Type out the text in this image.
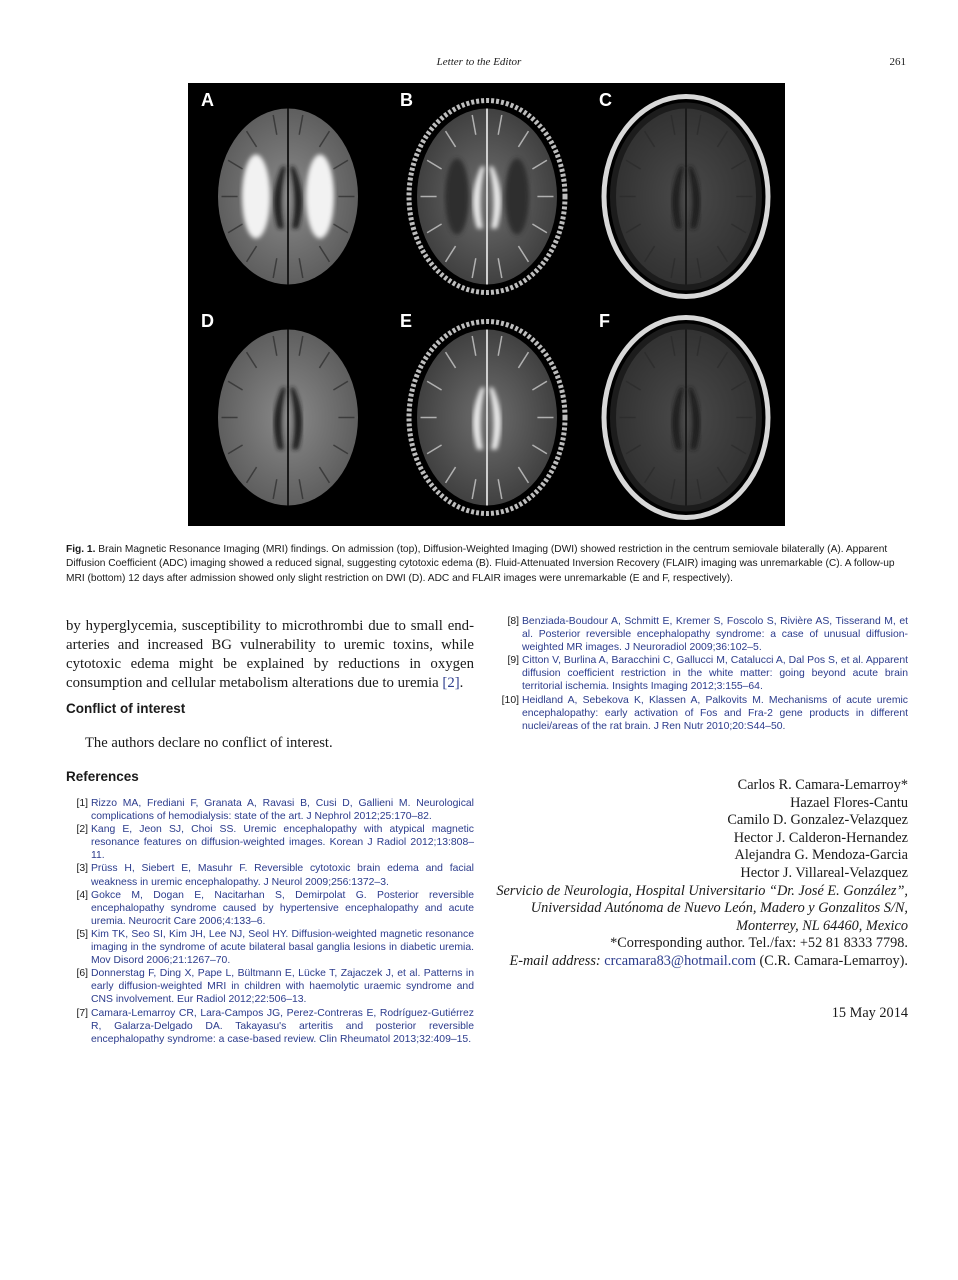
Letter to the Editor	261
A	B	C
D	E	F
Fig. 1. Brain Magnetic Resonance Imaging (MRI) findings. On admission (top), Diffusion-Weighted Imaging (DWI) showed restriction in the centrum semiovale bilaterally (A). Apparent Diffusion Coefficient (ADC) imaging showed a reduced signal, suggesting cytotoxic edema (B). Fluid-Attenuated Inversion Recovery (FLAIR) imaging was unremarkable (C). A follow-up MRI (bottom) 12 days after admission showed only slight restriction on DWI (D). ADC and FLAIR images were unremarkable (E and F, respectively).
by hyperglycemia, susceptibility to microthrombi due to small end-arteries and increased BG vulnerability to uremic toxins, while cytotoxic edema might be explained by reductions in oxygen consumption and cellular metabolism alterations due to uremia [2].
Conflict of interest
The authors declare no conflict of interest.
References
[1] Rizzo MA, Frediani F, Granata A, Ravasi B, Cusi D, Gallieni M. Neurological complications of hemodialysis: state of the art. J Nephrol 2012;25:170–82.
[2] Kang E, Jeon SJ, Choi SS. Uremic encephalopathy with atypical magnetic resonance features on diffusion-weighted images. Korean J Radiol 2012;13:808–11.
[3] Prüss H, Siebert E, Masuhr F. Reversible cytotoxic brain edema and facial weakness in uremic encephalopathy. J Neurol 2009;256:1372–3.
[4] Gokce M, Dogan E, Nacitarhan S, Demirpolat G. Posterior reversible encephalopathy syndrome caused by hypertensive encephalopathy and acute uremia. Neurocrit Care 2006;4:133–6.
[5] Kim TK, Seo SI, Kim JH, Lee NJ, Seol HY. Diffusion-weighted magnetic resonance imaging in the syndrome of acute bilateral basal ganglia lesions in diabetic uremia. Mov Disord 2006;21:1267–70.
[6] Donnerstag F, Ding X, Pape L, Bültmann E, Lücke T, Zajaczek J, et al. Patterns in early diffusion-weighted MRI in children with haemolytic uraemic syndrome and CNS involvement. Eur Radiol 2012;22:506–13.
[7] Camara-Lemarroy CR, Lara-Campos JG, Perez-Contreras E, Rodríguez-Gutiérrez R, Galarza-Delgado DA. Takayasu's arteritis and posterior reversible encephalopathy syndrome: a case-based review. Clin Rheumatol 2013;32:409–15.
[8] Benziada-Boudour A, Schmitt E, Kremer S, Foscolo S, Rivière AS, Tisserand M, et al. Posterior reversible encephalopathy syndrome: a case of unusual diffusion-weighted MR images. J Neuroradiol 2009;36:102–5.
[9] Citton V, Burlina A, Baracchini C, Gallucci M, Catalucci A, Dal Pos S, et al. Apparent diffusion coefficient restriction in the white matter: going beyond acute brain territorial ischemia. Insights Imaging 2012;3:155–64.
[10] Heidland A, Sebekova K, Klassen A, Palkovits M. Mechanisms of acute uremic encephalopathy: early activation of Fos and Fra-2 gene products in different nuclei/areas of the rat brain. J Ren Nutr 2010;20:S44–50.
Carlos R. Camara-Lemarroy*
Hazael Flores-Cantu
Camilo D. Gonzalez-Velazquez
Hector J. Calderon-Hernandez
Alejandra G. Mendoza-Garcia
Hector J. Villareal-Velazquez
Servicio de Neurologia, Hospital Universitario “Dr. José E. González”,
Universidad Autónoma de Nuevo León, Madero y Gonzalitos S/N,
Monterrey, NL 64460, Mexico
*Corresponding author. Tel./fax: +52 81 8333 7798.
E-mail address: crcamara83@hotmail.com (C.R. Camara-Lemarroy).
15 May 2014
